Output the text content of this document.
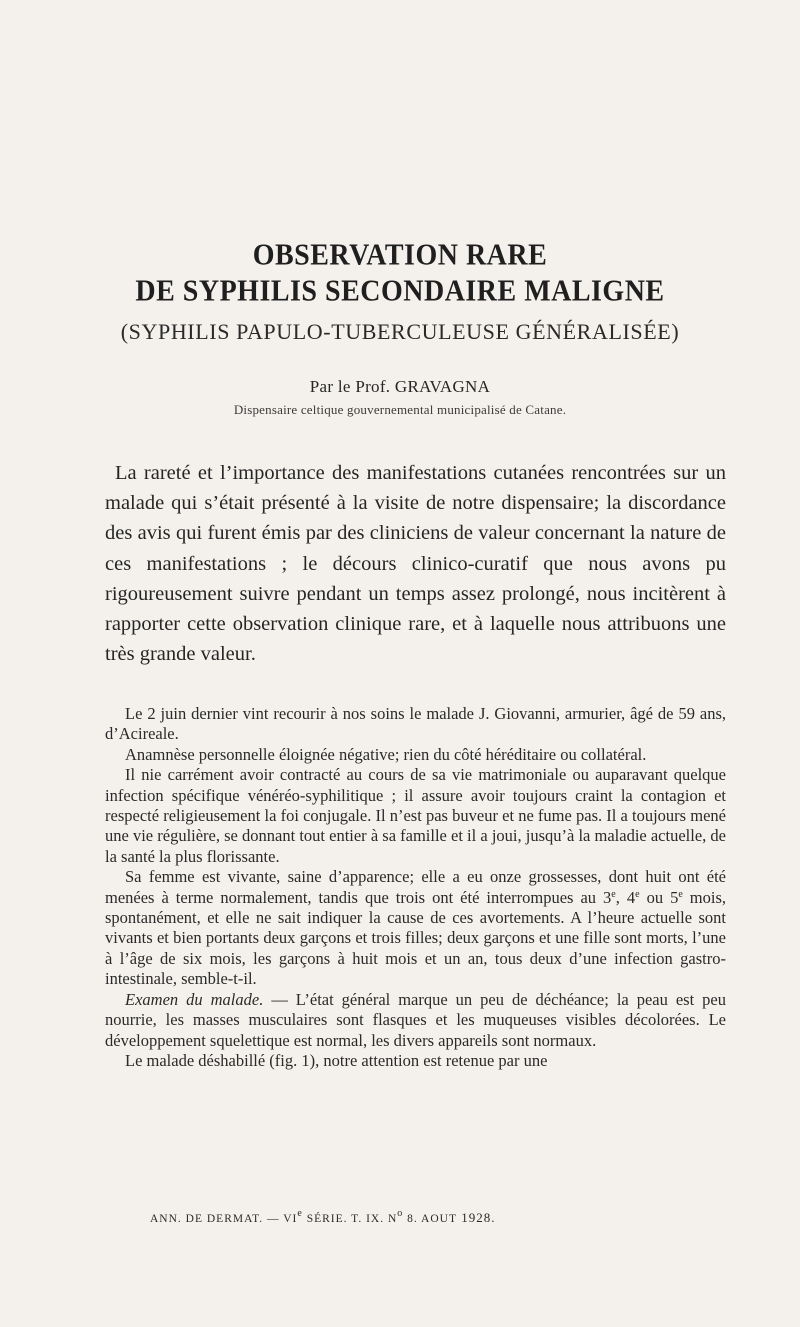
OBSERVATION RARE
DE SYPHILIS SECONDAIRE MALIGNE
(SYPHILIS PAPULO-TUBERCULEUSE GÉNÉRALISÉE)
Par le Prof. GRAVAGNA
Dispensaire celtique gouvernemental municipalisé de Catane.

La rareté et l’importance des manifestations cutanées rencontrées sur un malade qui s’était présenté à la visite de notre dispensaire; la discordance des avis qui furent émis par des cliniciens de valeur concernant la nature de ces manifestations ; le décours clinico-curatif que nous avons pu rigoureusement suivre pendant un temps assez prolongé, nous incitèrent à rapporter cette observation clinique rare, et à laquelle nous attribuons une très grande valeur.

Le 2 juin dernier vint recourir à nos soins le malade J. Giovanni, armurier, âgé de 59 ans, d’Acireale.

Anamnèse personnelle éloignée négative; rien du côté héréditaire ou collatéral.

Il nie carrément avoir contracté au cours de sa vie matrimoniale ou auparavant quelque infection spécifique vénéréo-syphilitique ; il assure avoir toujours craint la contagion et respecté religieusement la foi conjugale. Il n’est pas buveur et ne fume pas. Il a toujours mené une vie régulière, se donnant tout entier à sa famille et il a joui, jusqu’à la maladie actuelle, de la santé la plus florissante.

Sa femme est vivante, saine d’apparence; elle a eu onze grossesses, dont huit ont été menées à terme normalement, tandis que trois ont été interrompues au 3e, 4e ou 5e mois, spontanément, et elle ne sait indiquer la cause de ces avortements. A l’heure actuelle sont vivants et bien portants deux garçons et trois filles; deux garçons et une fille sont morts, l’une à l’âge de six mois, les garçons à huit mois et un an, tous deux d’une infection gastro-intestinale, semble-t-il.

Examen du malade. — L’état général marque un peu de déchéance; la peau est peu nourrie, les masses musculaires sont flasques et les muqueuses visibles décolorées. Le développement squelettique est normal, les divers appareils sont normaux.

Le malade déshabillé (fig. 1), notre attention est retenue par une

ANN. DE DERMAT. — VIe SÉRIE. T. IX. $N^o$ 8. AOUT 1928.
